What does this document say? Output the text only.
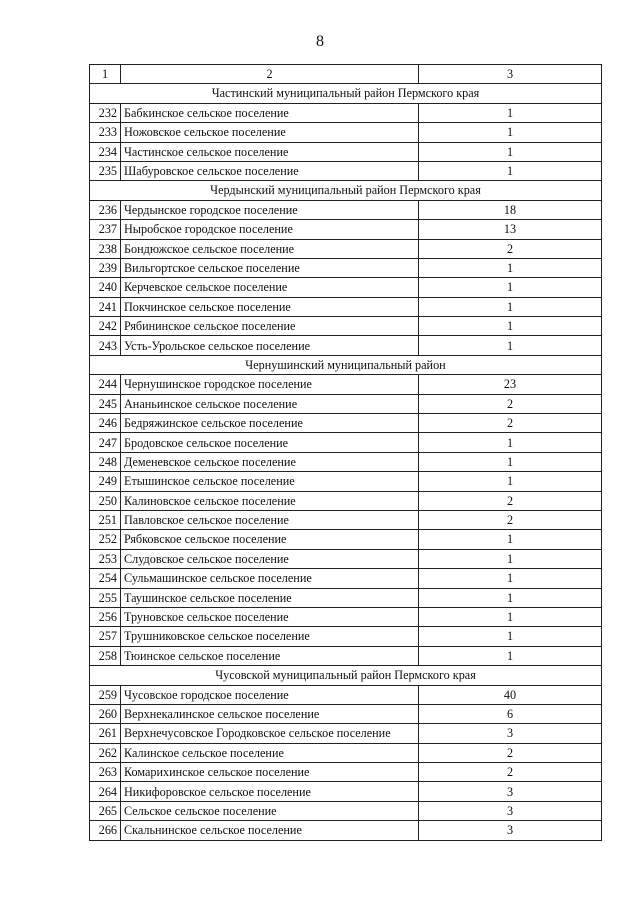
8
1	2	3
Частинский муниципальный район Пермского края		
232	Бабкинское сельское поселение	1
233	Ножовское сельское поселение	1
234	Частинское сельское поселение	1
235	Шабуровское сельское поселение	1
Чердынский муниципальный район Пермского края		
236	Чердынское городское поселение	18
237	Ныробское городское поселение	13
238	Бондюжское сельское поселение	2
239	Вильгортское сельское поселение	1
240	Керчевское сельское поселение	1
241	Покчинское сельское поселение	1
242	Рябининское сельское поселение	1
243	Усть-Урольское сельское поселение	1
Чернушинский муниципальный район		
244	Чернушинское городское поселение	23
245	Ананьинское сельское поселение	2
246	Бедряжинское сельское поселение	2
247	Бродовское сельское поселение	1
248	Деменевское сельское поселение	1
249	Етышинское сельское поселение	1
250	Калиновское сельское поселение	2
251	Павловское сельское поселение	2
252	Рябковское сельское поселение	1
253	Слудовское сельское поселение	1
254	Сульмашинское сельское поселение	1
255	Таушинское сельское поселение	1
256	Труновское сельское поселение	1
257	Трушниковское сельское поселение	1
258	Тюинское сельское поселение	1
Чусовской муниципальный район Пермского края		
259	Чусовское городское поселение	40
260	Верхнекалинское сельское поселение	6
261	Верхнечусовское Городковское сельское поселение	3
262	Калинское сельское поселение	2
263	Комарихинское сельское поселение	2
264	Никифоровское сельское поселение	3
265	Сельское сельское поселение	3
266	Скальнинское сельское поселение	3
